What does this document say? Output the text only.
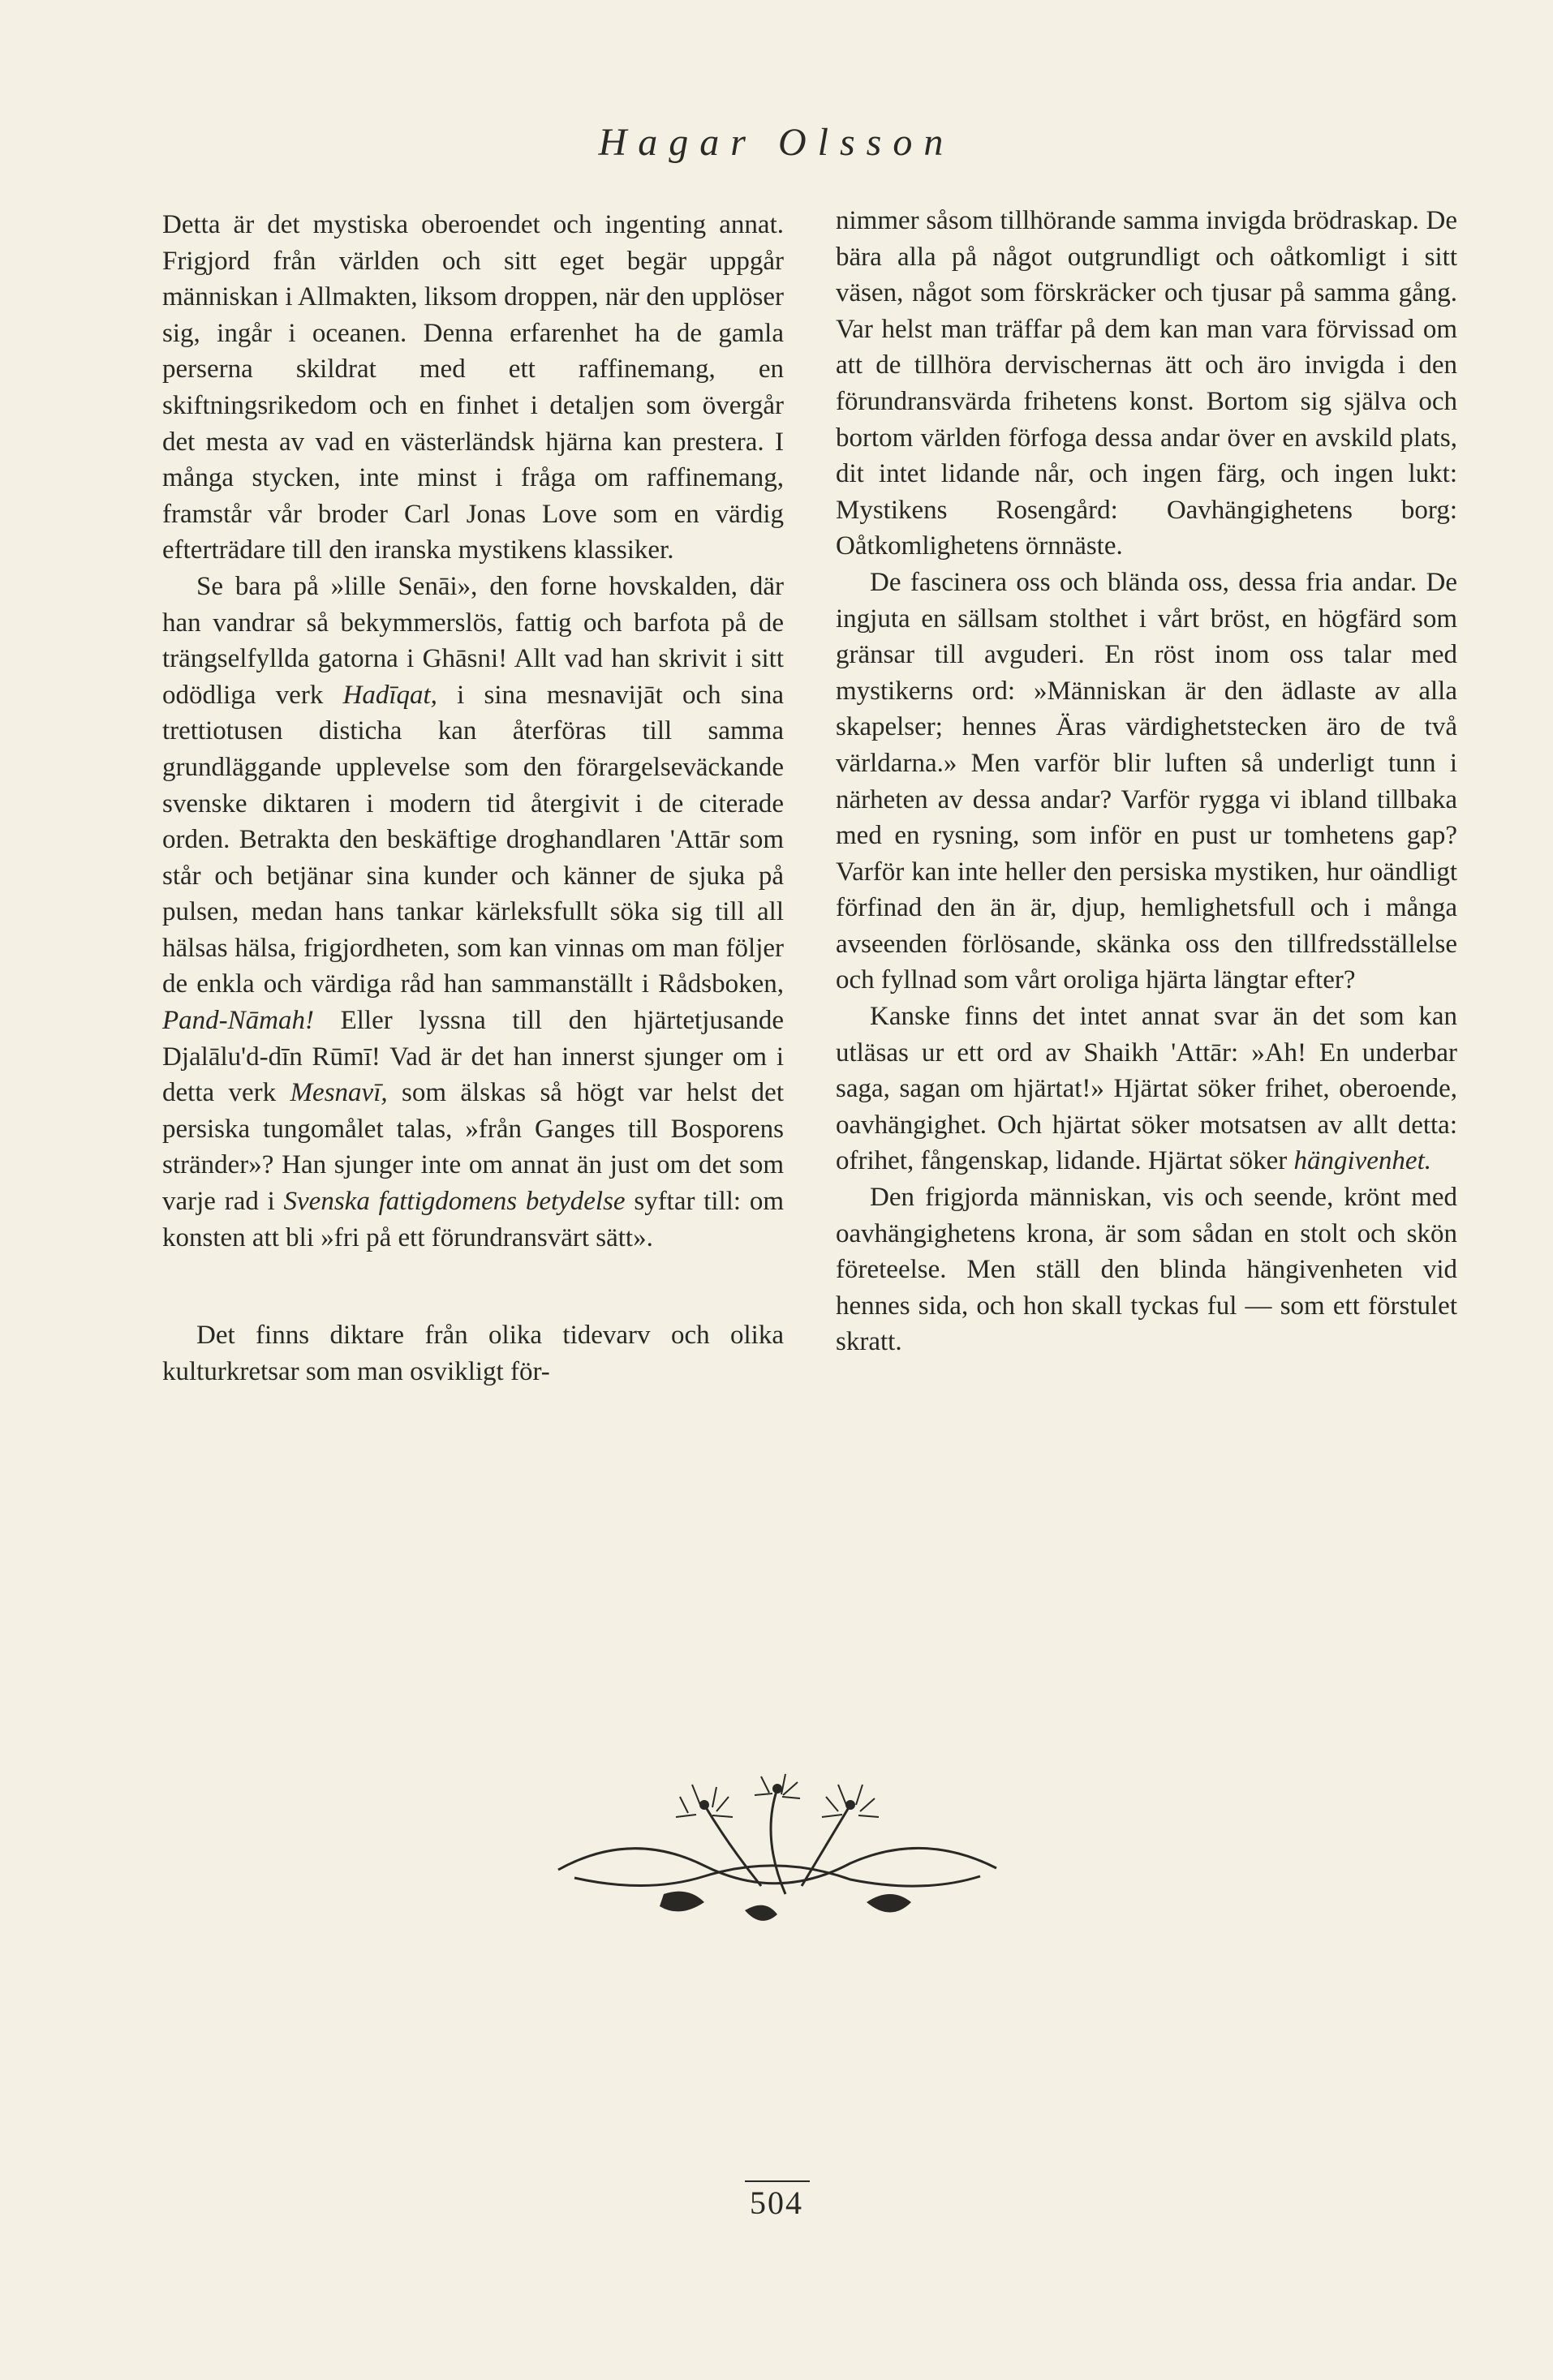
Hagar Olsson

Detta är det mystiska oberoendet och ingenting annat. Frigjord från världen och sitt eget begär uppgår människan i Allmakten, liksom droppen, när den upplöser sig, ingår i oceanen. Denna erfarenhet ha de gamla perserna skildrat med ett raffinemang, en skiftningsrikedom och en finhet i detaljen som övergår det mesta av vad en västerländsk hjärna kan prestera. I många stycken, inte minst i fråga om raffinemang, framstår vår broder Carl Jonas Love som en värdig efterträdare till den iranska mystikens klassiker.

Se bara på »lille Senāi», den forne hovskalden, där han vandrar så bekymmerslös, fattig och barfota på de trängselfyllda gatorna i Ghāsni! Allt vad han skrivit i sitt odödliga verk Hadīqat, i sina mesnavijāt och sina trettiotusen disticha kan återföras till samma grundläggande upplevelse som den förargelseväckande svenske diktaren i modern tid återgivit i de citerade orden. Betrakta den beskäftige droghandlaren 'Attār som står och betjänar sina kunder och känner de sjuka på pulsen, medan hans tankar kärleksfullt söka sig till all hälsas hälsa, frigjordheten, som kan vinnas om man följer de enkla och värdiga råd han sammanställt i Rådsboken, Pand-Nāmah! Eller lyssna till den hjärtetjusande Djalālu'd-dīn Rūmī! Vad är det han innerst sjunger om i detta verk Mesnavī, som älskas så högt var helst det persiska tungomålet talas, »från Ganges till Bosporens stränder»? Han sjunger inte om annat än just om det som varje rad i Svenska fattigdomens betydelse syftar till: om konsten att bli »fri på ett förundransvärt sätt».

Det finns diktare från olika tidevarv och olika kulturkretsar som man osvikligt för-

nimmer såsom tillhörande samma invigda brödraskap. De bära alla på något outgrundligt och oåtkomligt i sitt väsen, något som förskräcker och tjusar på samma gång. Var helst man träffar på dem kan man vara förvissad om att de tillhöra dervischernas ätt och äro invigda i den förundransvärda frihetens konst. Bortom sig själva och bortom världen förfoga dessa andar över en avskild plats, dit intet lidande når, och ingen färg, och ingen lukt: Mystikens Rosengård: Oavhängighetens borg: Oåtkomlighetens örnnäste.

De fascinera oss och blända oss, dessa fria andar. De ingjuta en sällsam stolthet i vårt bröst, en högfärd som gränsar till avguderi. En röst inom oss talar med mystikerns ord: »Människan är den ädlaste av alla skapelser; hennes Äras värdighetstecken äro de två världarna.» Men varför blir luften så underligt tunn i närheten av dessa andar? Varför rygga vi ibland tillbaka med en rysning, som inför en pust ur tomhetens gap? Varför kan inte heller den persiska mystiken, hur oändligt förfinad den än är, djup, hemlighetsfull och i många avseenden förlösande, skänka oss den tillfredsställelse och fyllnad som vårt oroliga hjärta längtar efter?

Kanske finns det intet annat svar än det som kan utläsas ur ett ord av Shaikh 'Attār: »Ah! En underbar saga, sagan om hjärtat!» Hjärtat söker frihet, oberoende, oavhängighet. Och hjärtat söker motsatsen av allt detta: ofrihet, fångenskap, lidande. Hjärtat söker hängivenhet.

Den frigjorda människan, vis och seende, krönt med oavhängighetens krona, är som sådan en stolt och skön företeelse. Men ställ den blinda hängivenheten vid hennes sida, och hon skall tyckas ful — som ett förstulet skratt.

504
